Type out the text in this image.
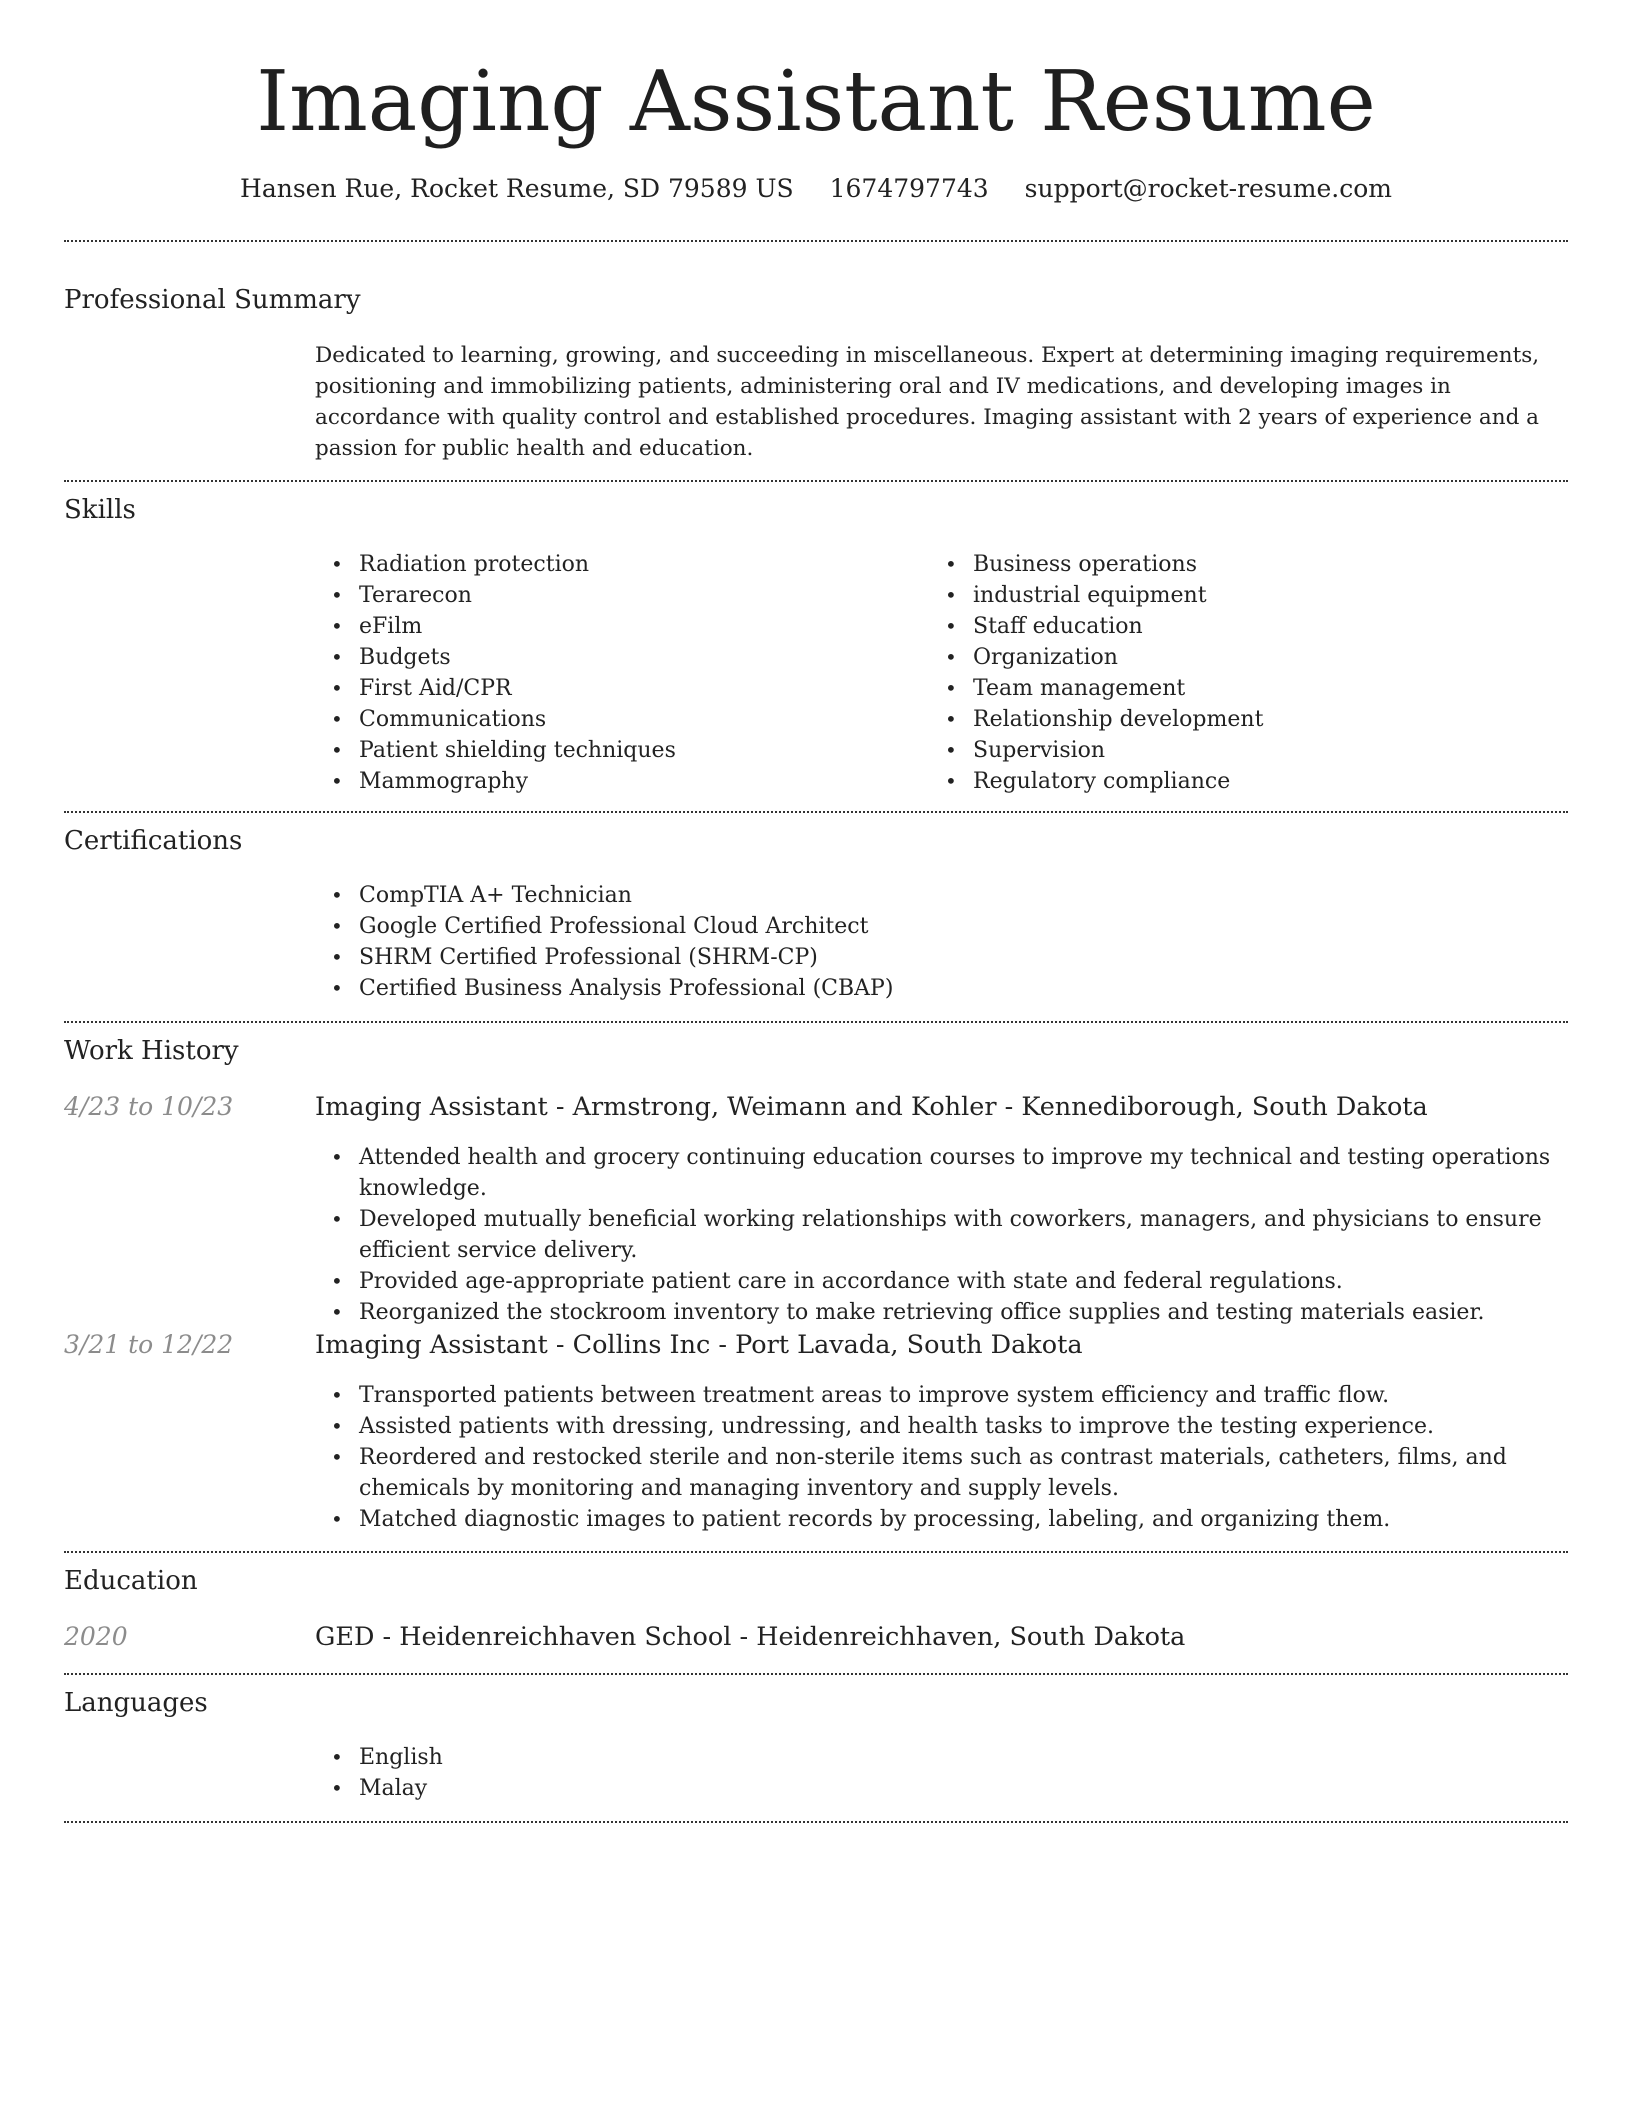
Imaging Assistant Resume
Hansen Rue, Rocket Resume, SD 79589 US 1674797743 support@rocket-resume.com
Professional Summary

Dedicated to learning, growing, and succeeding in miscellaneous. Expert at determining imaging requirements, positioning and immobilizing patients, administering oral and IV medications, and developing images in accordance with quality control and established procedures. Imaging assistant with 2 years of experience and a passion for public health and education.

Skills
• Radiation protection
• Terarecon
• eFilm
• Budgets
• First Aid/CPR
• Communications
• Patient shielding techniques
• Mammography
• Business operations
• industrial equipment
• Staff education
• Organization
• Team management
• Relationship development
• Supervision
• Regulatory compliance
Certifications
• CompTIA A+ Technician
• Google Certified Professional Cloud Architect
• SHRM Certified Professional (SHRM-CP)
• Certified Business Analysis Professional (CBAP)
Work History
4/23 to 10/23	Imaging Assistant - Armstrong, Weimann and Kohler - Kennediborough, South Dakota
• Attended health and grocery continuing education courses to improve my technical and testing operations knowledge.
• Developed mutually beneficial working relationships with coworkers, managers, and physicians to ensure efficient service delivery.
• Provided age-appropriate patient care in accordance with state and federal regulations.
• Reorganized the stockroom inventory to make retrieving office supplies and testing materials easier.
3/21 to 12/22	Imaging Assistant - Collins Inc - Port Lavada, South Dakota
• Transported patients between treatment areas to improve system efficiency and traffic flow.
• Assisted patients with dressing, undressing, and health tasks to improve the testing experience.
• Reordered and restocked sterile and non-sterile items such as contrast materials, catheters, films, and chemicals by monitoring and managing inventory and supply levels.
• Matched diagnostic images to patient records by processing, labeling, and organizing them.
Education
2020	GED - Heidenreichhaven School - Heidenreichhaven, South Dakota
Languages
• English
• Malay
